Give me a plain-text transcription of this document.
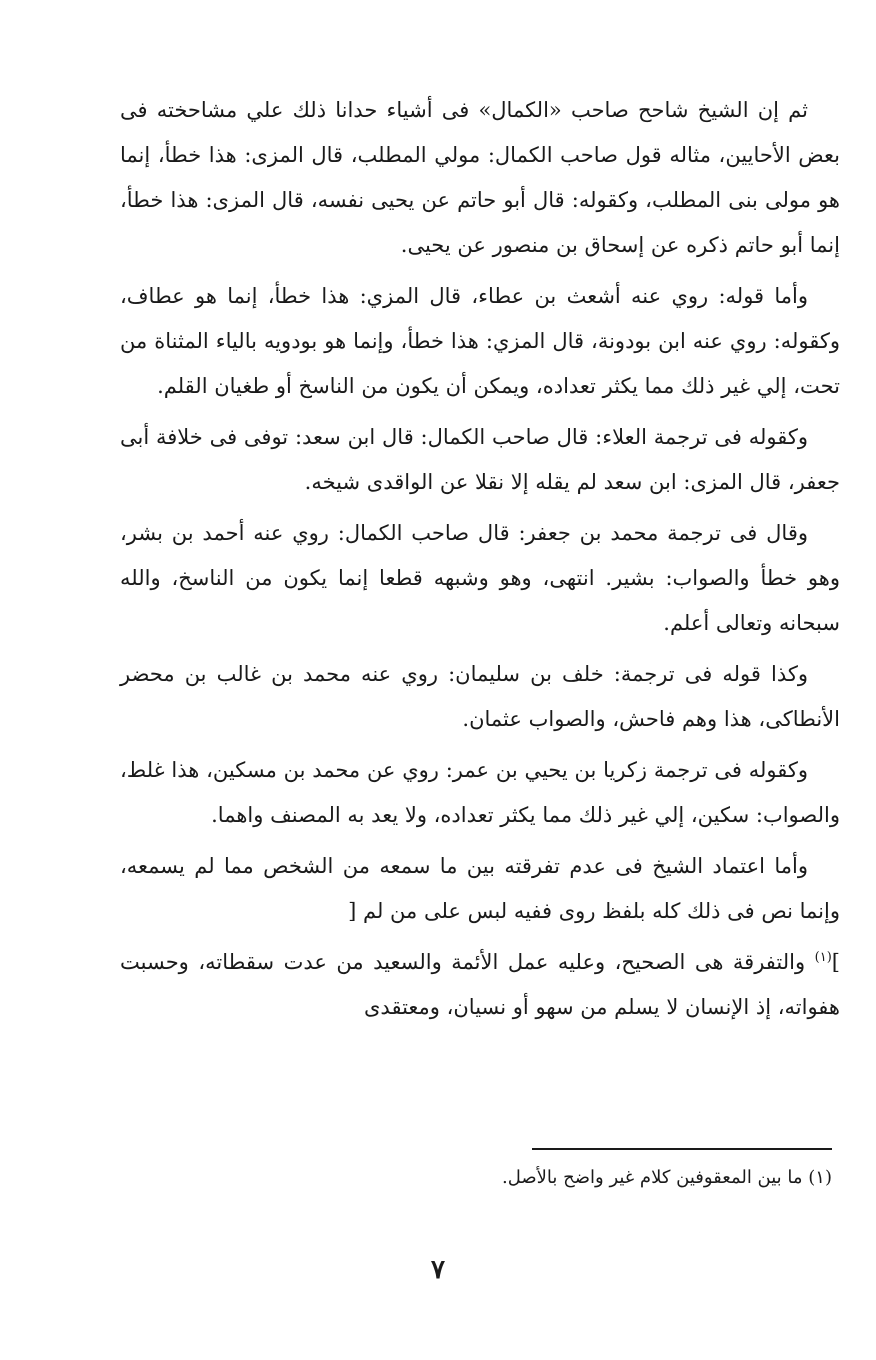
ثم إن الشيخ شاحح صاحب «الكمال» فى أشياء حدانا ذلك علي مشاحخته فى بعض الأحايين، مثاله قول صاحب الكمال: مولي المطلب، قال المزى: هذا خطأ، إنما هو مولى بنى المطلب، وكقوله: قال أبو حاتم عن يحيى نفسه، قال المزى: هذا خطأ، إنما أبو حاتم ذكره عن إسحاق بن منصور عن يحيى.

وأما قوله: روي عنه أشعث بن عطاء، قال المزي: هذا خطأ، إنما هو عطاف، وكقوله: روي عنه ابن بودونة، قال المزي: هذا خطأ، وإنما هو بودويه بالياء المثناة من تحت، إلي غير ذلك مما يكثر تعداده، ويمكن أن يكون من الناسخ أو طغيان القلم.

وكقوله فى ترجمة العلاء: قال صاحب الكمال: قال ابن سعد: توفى فى خلافة أبى جعفر، قال المزى: ابن سعد لم يقله إلا نقلا عن الواقدى شيخه.

وقال فى ترجمة محمد بن جعفر: قال صاحب الكمال: روي عنه أحمد بن بشر، وهو خطأ والصواب: بشير. انتهى، وهو وشبهه قطعا إنما يكون من الناسخ، والله سبحانه وتعالى أعلم.

وكذا قوله فى ترجمة: خلف بن سليمان: روي عنه محمد بن غالب بن محضر الأنطاكى، هذا وهم فاحش، والصواب عثمان.

وكقوله فى ترجمة زكريا بن يحيي بن عمر: روي عن محمد بن مسكين، هذا غلط، والصواب: سكين، إلي غير ذلك مما يكثر تعداده، ولا يعد به المصنف واهما.

وأما اعتماد الشيخ فى عدم تفرقته بين ما سمعه من الشخص مما لم يسمعه، وإنما نص فى ذلك كله بلفظ روى ففيه لبس على من لم [

]$^{(١)}$ والتفرقة هى الصحيح، وعليه عمل الأئمة والسعيد من عدت سقطاته، وحسبت هفواته، إذ الإنسان لا يسلم من سهو أو نسيان، ومعتقدى

(١) ما بين المعقوفين كلام غير واضح بالأصل.
٧
